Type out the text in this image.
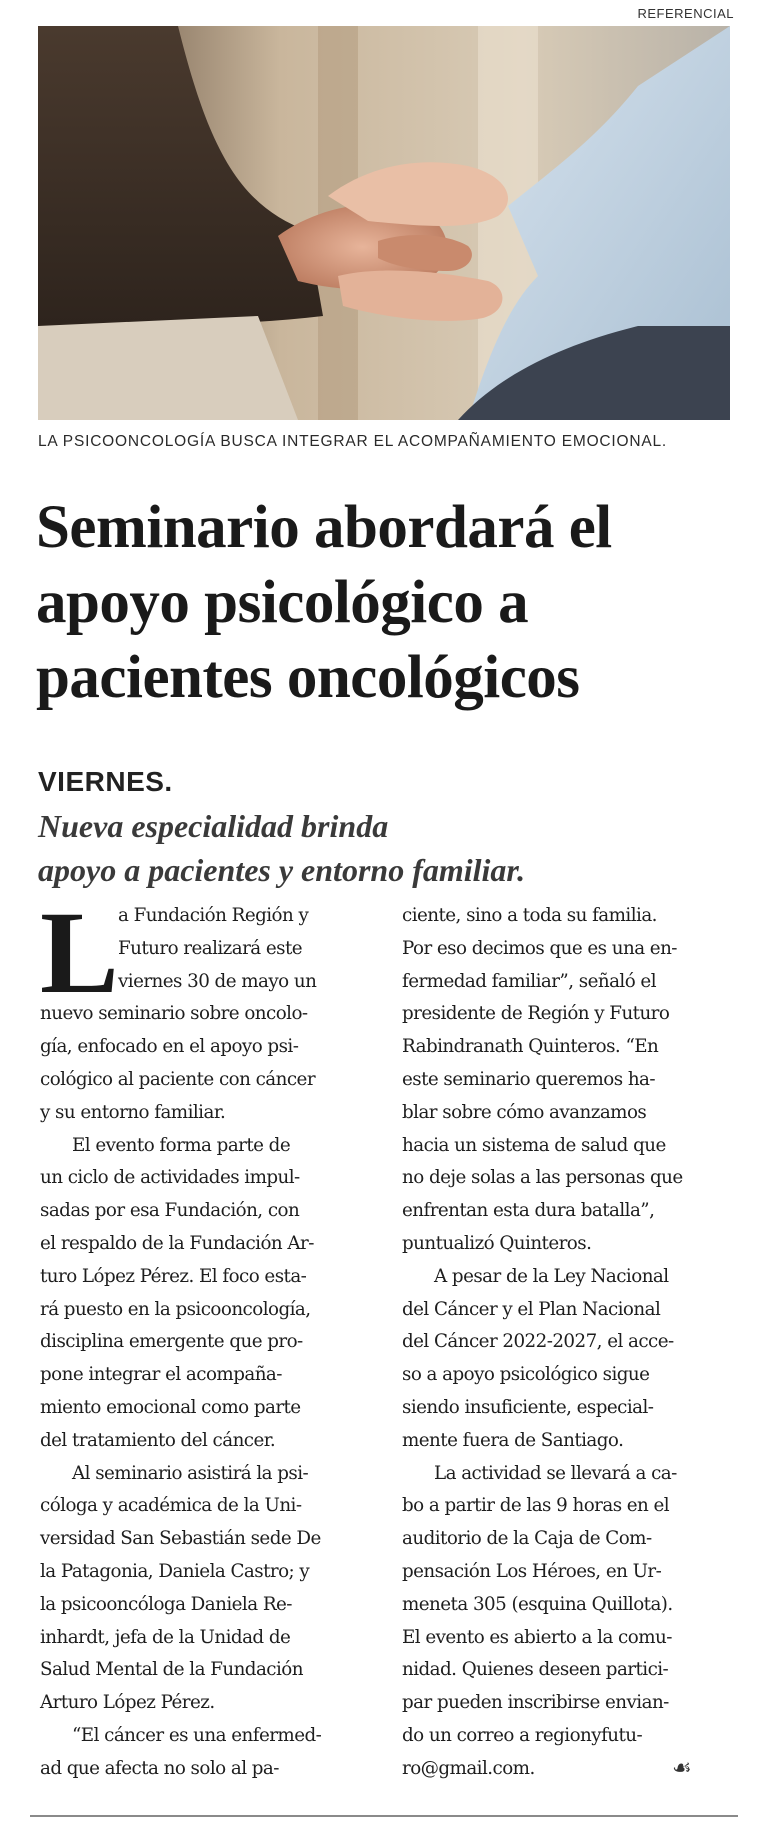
REFERENCIAL
LA PSICOONCOLOGÍA BUSCA INTEGRAR EL ACOMPAÑAMIENTO EMOCIONAL.
Seminario abordará el
apoyo psicológico a
pacientes oncológicos
VIERNES.
Nueva especialidad brinda
apoyo a pacientes y entorno familiar.
L a Fundación Región y
Futuro realizará este
viernes 30 de mayo un
nuevo seminario sobre oncolo-
gía, enfocado en el apoyo psi-
cológico al paciente con cáncer
y su entorno familiar.
El evento forma parte de
un ciclo de actividades impul-
sadas por esa Fundación, con
el respaldo de la Fundación Ar-
turo López Pérez. El foco esta-
rá puesto en la psicooncología,
disciplina emergente que pro-
pone integrar el acompaña-
miento emocional como parte
del tratamiento del cáncer.
Al seminario asistirá la psi-
cóloga y académica de la Uni-
versidad San Sebastián sede De
la Patagonia, Daniela Castro; y
la psicooncóloga Daniela Re-
inhardt, jefa de la Unidad de
Salud Mental de la Fundación
Arturo López Pérez.
“El cáncer es una enfermed-
ad que afecta no solo al pa-
ciente, sino a toda su familia.
Por eso decimos que es una en-
fermedad familiar”, señaló el
presidente de Región y Futuro
Rabindranath Quinteros. “En
este seminario queremos ha-
blar sobre cómo avanzamos
hacia un sistema de salud que
no deje solas a las personas que
enfrentan esta dura batalla”,
puntualizó Quinteros.
A pesar de la Ley Nacional
del Cáncer y el Plan Nacional
del Cáncer 2022-2027, el acce-
so a apoyo psicológico sigue
siendo insuficiente, especial-
mente fuera de Santiago.
La actividad se llevará a ca-
bo a partir de las 9 horas en el
auditorio de la Caja de Com-
pensación Los Héroes, en Ur-
meneta 305 (esquina Quillota).
El evento es abierto a la comu-
nidad. Quienes deseen partici-
par pueden inscribirse envian-
do un correo a regionyfutu-
ro@gmail.com.	☙
